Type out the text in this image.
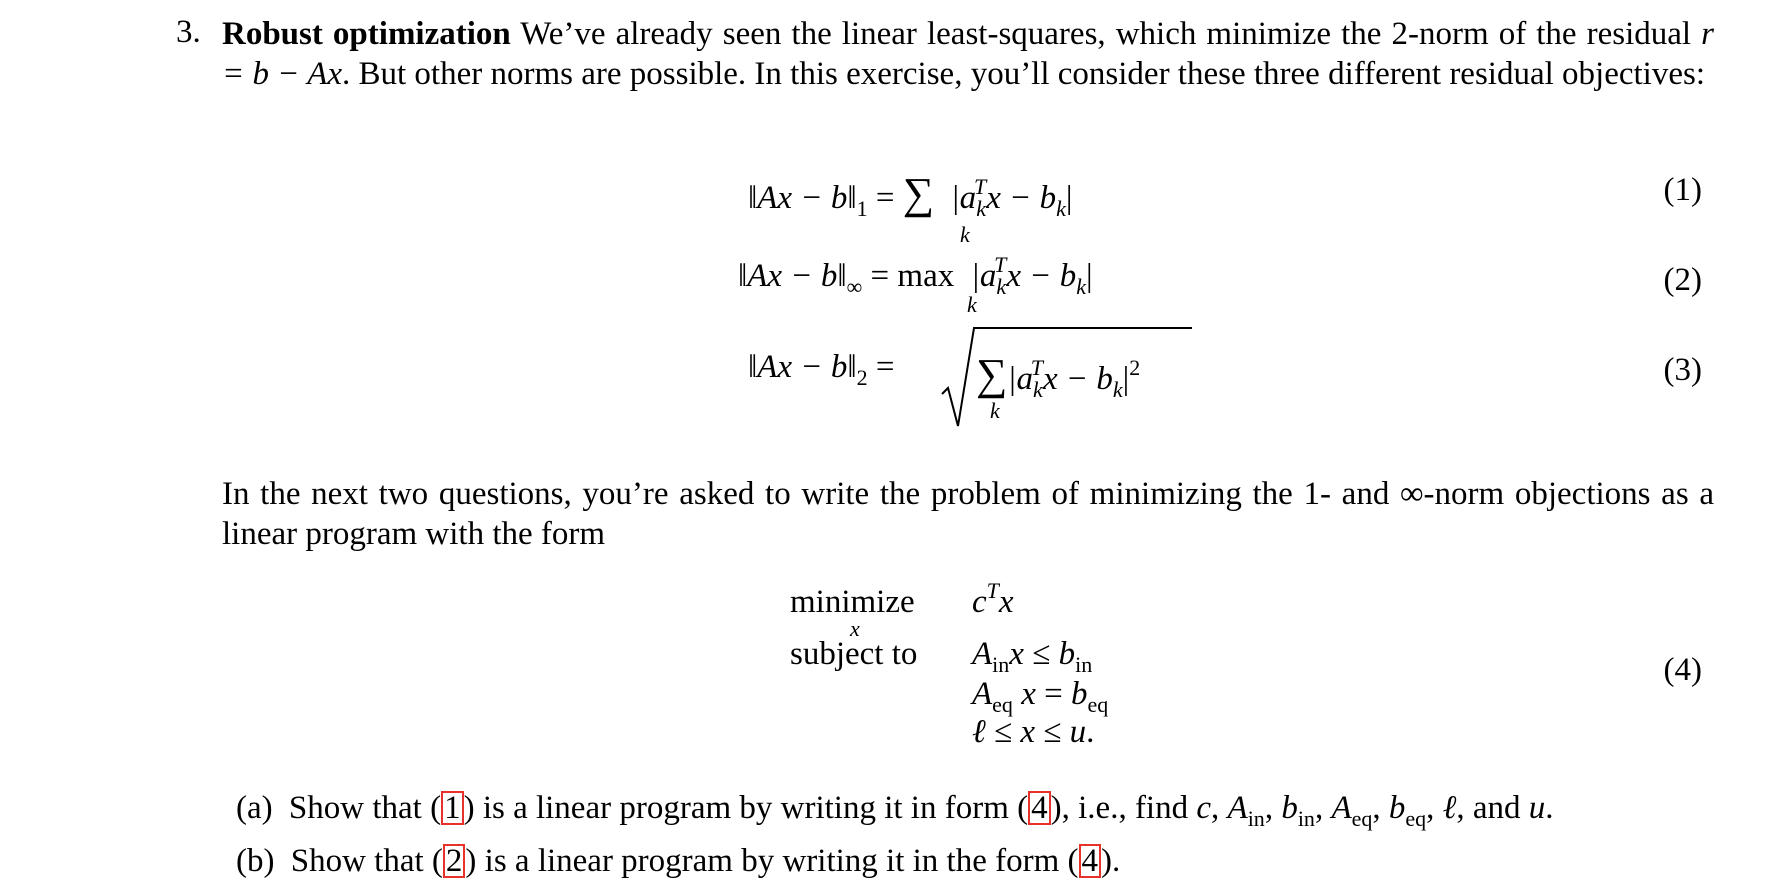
3. Robust optimization We’ve already seen the linear least-squares, which minimize the 2-norm of the residual r = b − Ax. But other norms are possible. In this exercise, you’ll consider these three different residual objectives:
‖Ax − $b‖_1$ = ∑  $|a_k^Tx - b_k|$
k
(1)
‖Ax − $b‖_\infty = \max |a_k^Tx - b_k|$
k
(2)
‖Ax − $b‖_2 = \sum|a_k^Tx - b_k|^2$
k
(3)
In the next two questions, you’re asked to write the problem of minimizing the 1- and ∞-norm objections as a linear program with the form
minimize
x
subject to
$c^Tx$
$A_{in}x \le b_{in}$
$A_{eq}$ $x = b_{eq}$
ℓ ≤ x ≤ u.
(4)
(a) Show that (1) is a linear program by writing it in form (4), i.e., find c, $A_{in}$, $b_{in}$, $A_{eq}$, $b_{eq}$, ℓ, and u.
(b) Show that (2) is a linear program by writing it in the form (4).
